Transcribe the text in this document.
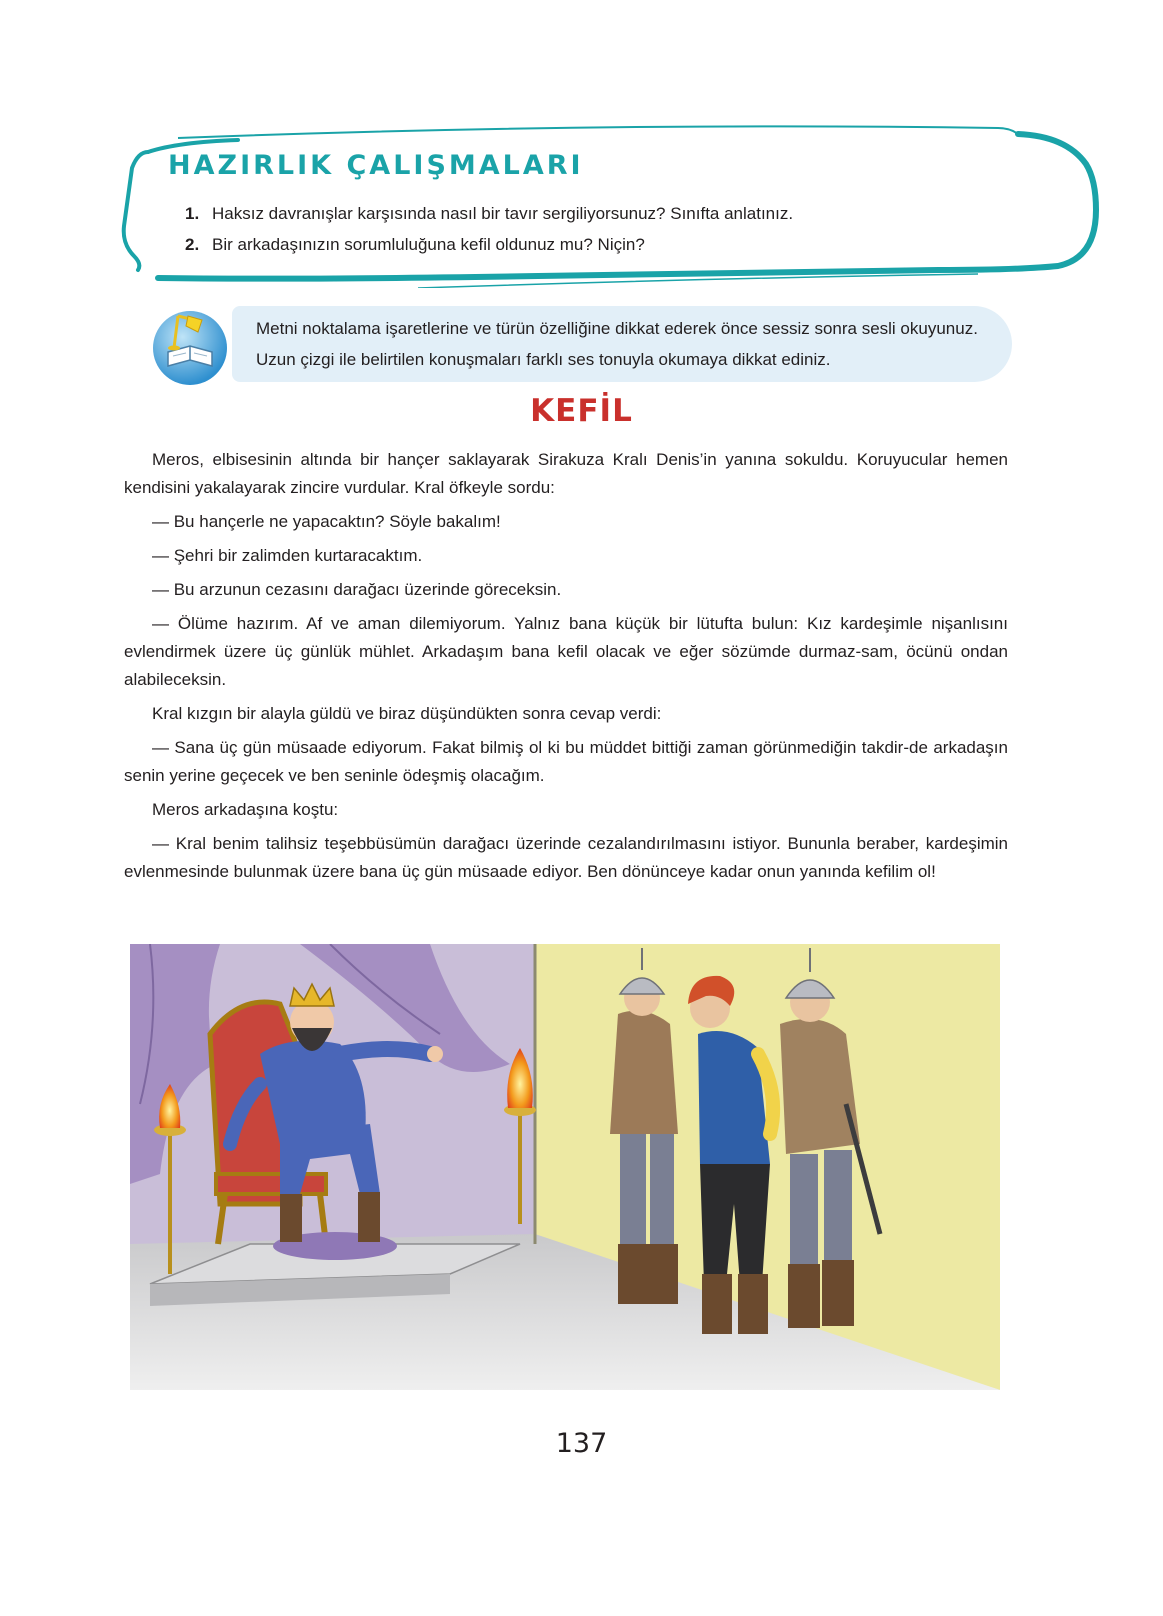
HAZIRLIK ÇALIŞMALARI
1. Haksız davranışlar karşısında nasıl bir tavır sergiliyorsunuz? Sınıfta anlatınız.
2. Bir arkadaşınızın sorumluluğuna kefil oldunuz mu? Niçin?
Metni noktalama işaretlerine ve türün özelliğine dikkat ederek önce sessiz sonra sesli okuyunuz. Uzun çizgi ile belirtilen konuşmaları farklı ses tonuyla okumaya dikkat ediniz.
KEFİL

Meros, elbisesinin altında bir hançer saklayarak Sirakuza Kralı Denis’in yanına sokuldu. Koruyucular hemen kendisini yakalayarak zincire vurdular. Kral öfkeyle sordu:

— Bu hançerle ne yapacaktın? Söyle bakalım!

— Şehri bir zalimden kurtaracaktım.

— Bu arzunun cezasını darağacı üzerinde göreceksin.

— Ölüme hazırım. Af ve aman dilemiyorum. Yalnız bana küçük bir lütufta bulun: Kız kardeşimle nişanlısını evlendirmek üzere üç günlük mühlet. Arkadaşım bana kefil olacak ve eğer sözümde durmaz-sam, öcünü ondan alabileceksin.

Kral kızgın bir alayla güldü ve biraz düşündükten sonra cevap verdi:

— Sana üç gün müsaade ediyorum. Fakat bilmiş ol ki bu müddet bittiği zaman görünmediğin takdir-de arkadaşın senin yerine geçecek ve ben seninle ödeşmiş olacağım.

Meros arkadaşına koştu:

— Kral benim talihsiz teşebbüsümün darağacı üzerinde cezalandırılmasını istiyor. Bununla beraber, kardeşimin evlenmesinde bulunmak üzere bana üç gün müsaade ediyor. Ben dönünceye kadar onun yanında kefilim ol!

137
